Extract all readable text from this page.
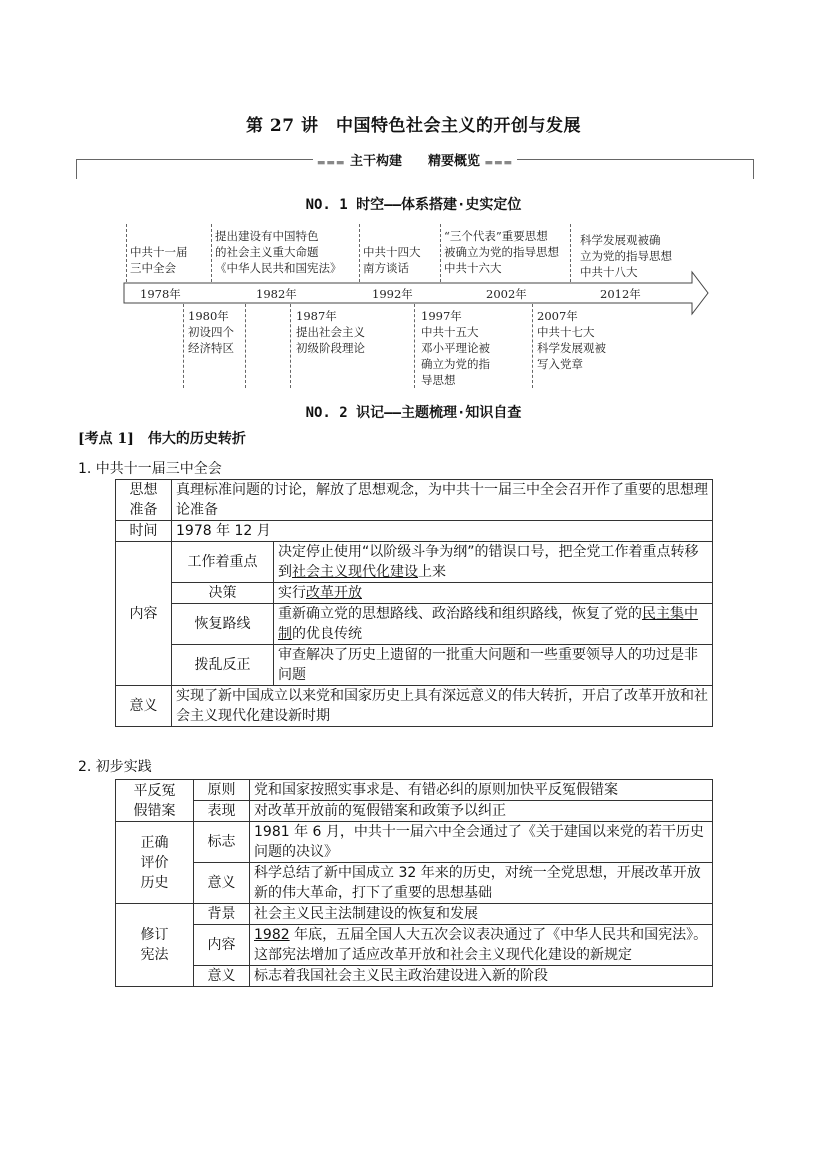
第 27 讲　中国特色社会主义的开创与发展
▬▬▬ 主干构建　　 精要概览 ▬▬▬
NO. 1 时空——体系搭建·史实定位
1978年	1982年	1992年	2002年	2012年
中共十一届
三中全会
提出建设有中国特色
的社会主义重大命题
《中华人民共和国宪法》
中共十四大
南方谈话
“三个代表”重要思想
被确立为党的指导思想
中共十六大
科学发展观被确
立为党的指导思想
中共十八大
1980年
初设四个
经济特区
1987年
提出社会主义
初级阶段理论
1997年
中共十五大
邓小平理论被
确立为党的指
导思想
2007年
中共十七大
科学发展观被
写入党章
NO. 2 识记——主题梳理·知识自查
[考点 1]　伟大的历史转折
1. 中共十一届三中全会
思想
准备	真理标准问题的讨论，解放了思想观念，为中共十一届三中全会召开作了重要的思想理论准备	
时间	1978 年 12 月	
内容	工作着重点	决定停止使用“以阶级斗争为纲”的错误口号，把全党工作着重点转移到社会主义现代化建设上来
	决策	实行改革开放
	恢复路线	重新确立党的思想路线、政治路线和组织路线，恢复了党的民主集中制的优良传统
	拨乱反正	审查解决了历史上遗留的一批重大问题和一些重要领导人的功过是非问题
意义	实现了新中国成立以来党和国家历史上具有深远意义的伟大转折，开启了改革开放和社会主义现代化建设新时期	
2. 初步实践
平反冤
假错案	原则	党和国家按照实事求是、有错必纠的原则加快平反冤假错案
	表现	对改革开放前的冤假错案和政策予以纠正
正确
评价
历史	标志	1981 年 6 月，中共十一届六中全会通过了《关于建国以来党的若干历史问题的决议》
	意义	科学总结了新中国成立 32 年来的历史，对统一全党思想，开展改革开放新的伟大革命，打下了重要的思想基础
修订
宪法	背景	社会主义民主法制建设的恢复和发展
	内容	1982 年底，五届全国人大五次会议表决通过了《中华人民共和国宪法》。这部宪法增加了适应改革开放和社会主义现代化建设的新规定
	意义	标志着我国社会主义民主政治建设进入新的阶段
